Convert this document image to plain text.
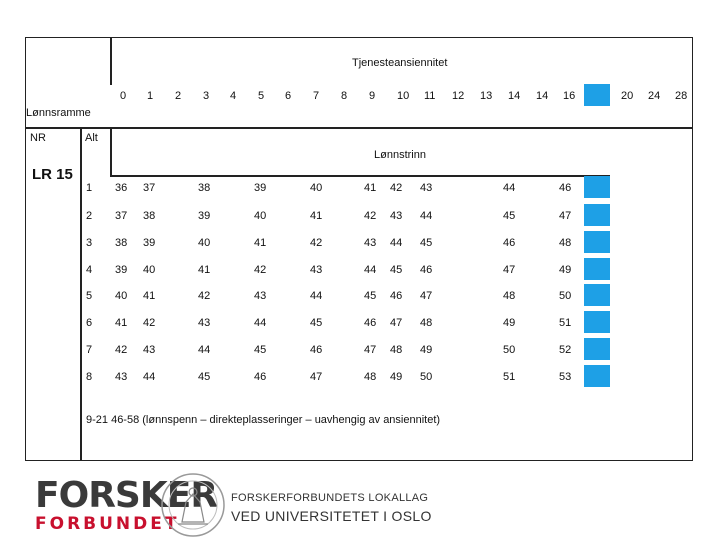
0 1 2 3 4 5 6 7 8 9 10 11 12 13 14 14 16	20 24 28
1 36 37	38	39	40	41 42 43	44	46
2 37 38	39	40	41	42 43 44	45	47
3 38 39	40	41	42	43 44 45	46	48
4 39 40	41	42	43	44 45 46	47	49
5 40 41	42	43	44	45 46 47	48	50
6 41 42	43	44	45	46 47 48	49	51
7 42 43	44	45	46	47 48 49	50	52
8 43 44	45	46	47	48 49 50	51	53
Tjenesteansiennitet
Lønnsramme
NR	Alt
Lønnstrinn
LR 15
9-21 46-58 (lønnspenn – direkteplasseringer – uavhengig av ansiennitet)
FORSKER
FORBUNDET
FORSKERFORBUNDETS LOKALLAG
VED UNIVERSITETET I OSLO
